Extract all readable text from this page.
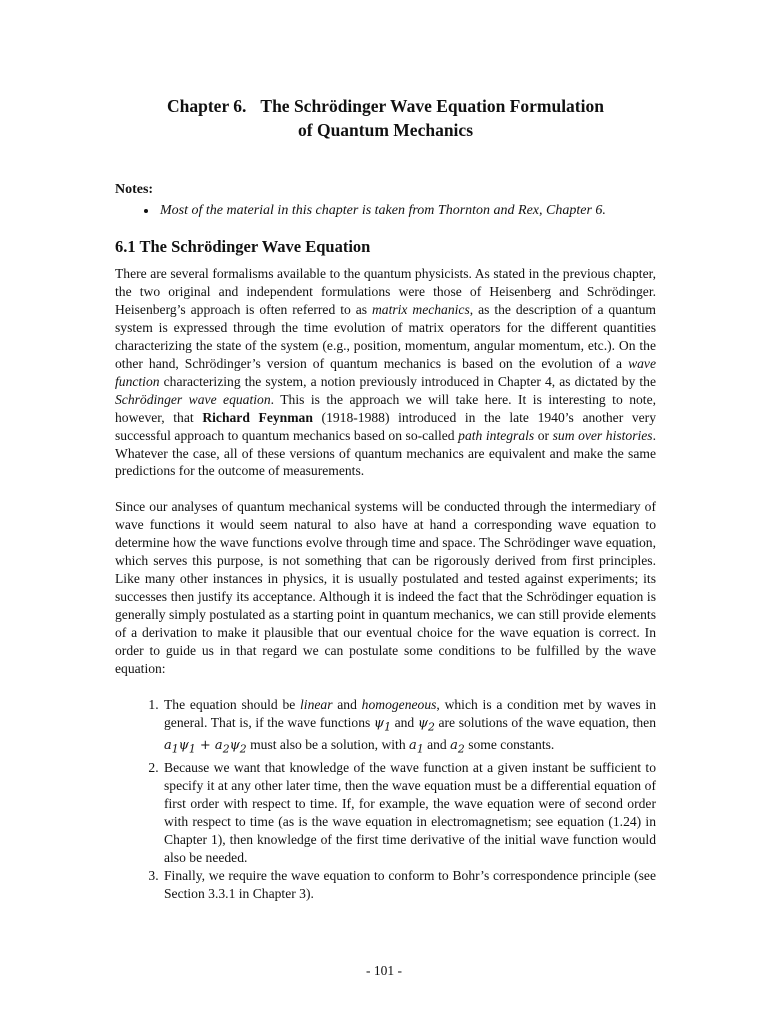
Chapter 6. The Schrödinger Wave Equation Formulation
of Quantum Mechanics
Notes:
• Most of the material in this chapter is taken from Thornton and Rex, Chapter 6.
6.1 The Schrödinger Wave Equation

There are several formalisms available to the quantum physicists. As stated in the previous chapter, the two original and independent formulations were those of Heisenberg and Schrödinger. Heisenberg’s approach is often referred to as matrix mechanics, as the description of a quantum system is expressed through the time evolution of matrix operators for the different quantities characterizing the state of the system (e.g., position, momentum, angular momentum, etc.). On the other hand, Schrödinger’s version of quantum mechanics is based on the evolution of a wave function characterizing the system, a notion previously introduced in Chapter 4, as dictated by the Schrödinger wave equation. This is the approach we will take here. It is interesting to note, however, that Richard Feynman (1918-1988) introduced in the late 1940’s another very successful approach to quantum mechanics based on so-called path integrals or sum over histories. Whatever the case, all of these versions of quantum mechanics are equivalent and make the same predictions for the outcome of measurements.

Since our analyses of quantum mechanical systems will be conducted through the intermediary of wave functions it would seem natural to also have at hand a corresponding wave equation to determine how the wave functions evolve through time and space. The Schrödinger wave equation, which serves this purpose, is not something that can be rigorously derived from first principles. Like many other instances in physics, it is usually postulated and tested against experiments; its successes then justify its acceptance. Although it is indeed the fact that the Schrödinger equation is generally simply postulated as a starting point in quantum mechanics, we can still provide elements of a derivation to make it plausible that our eventual choice for the wave equation is correct. In order to guide us in that regard we can postulate some conditions to be fulfilled by the wave equation:

1. The equation should be linear and homogeneous, which is a condition met by waves in general. That is, if the wave functions $\psi_1$ and $\psi_2$ are solutions of the wave equation, then $a_1\psi_1 + a_2\psi_2$ must also be a solution, with $a_1$ and $a_2$ some constants.
2. Because we want that knowledge of the wave function at a given instant be sufficient to specify it at any other later time, then the wave equation must be a differential equation of first order with respect to time. If, for example, the wave equation were of second order with respect to time (as is the wave equation in electromagnetism; see equation (1.24) in Chapter 1), then knowledge of the first time derivative of the initial wave function would also be needed.
3. Finally, we require the wave equation to conform to Bohr’s correspondence principle (see Section 3.3.1 in Chapter 3).
- 101 -
